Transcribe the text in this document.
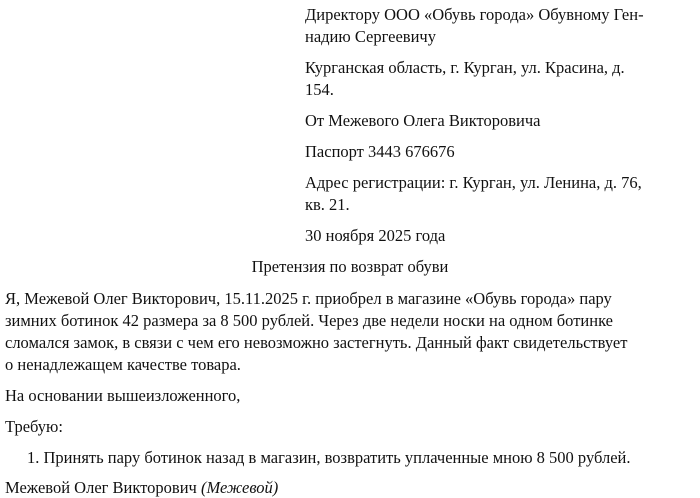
Директору ООО «Обувь города» Обувному Ген-
надию Сергеевичу
Курганская область, г. Курган, ул. Красина, д.
154.
От Межевого Олега Викторовича
Паспорт 3443 676676
Адрес регистрации: г. Курган, ул. Ленина, д. 76,
кв. 21.
30 ноября 2025 года
Претензия по возврат обуви
Я, Межевой Олег Викторович, 15.11.2025 г. приобрел в магазине «Обувь города» пару
зимних ботинок 42 размера за 8 500 рублей. Через две недели носки на одном ботинке
сломался замок, в связи с чем его невозможно застегнуть. Данный факт свидетельствует
о ненадлежащем качестве товара.
На основании вышеизложенного,
Требую:
1. Принять пару ботинок назад в магазин, возвратить уплаченные мною 8 500 рублей.
Межевой Олег Викторович (Межевой)
